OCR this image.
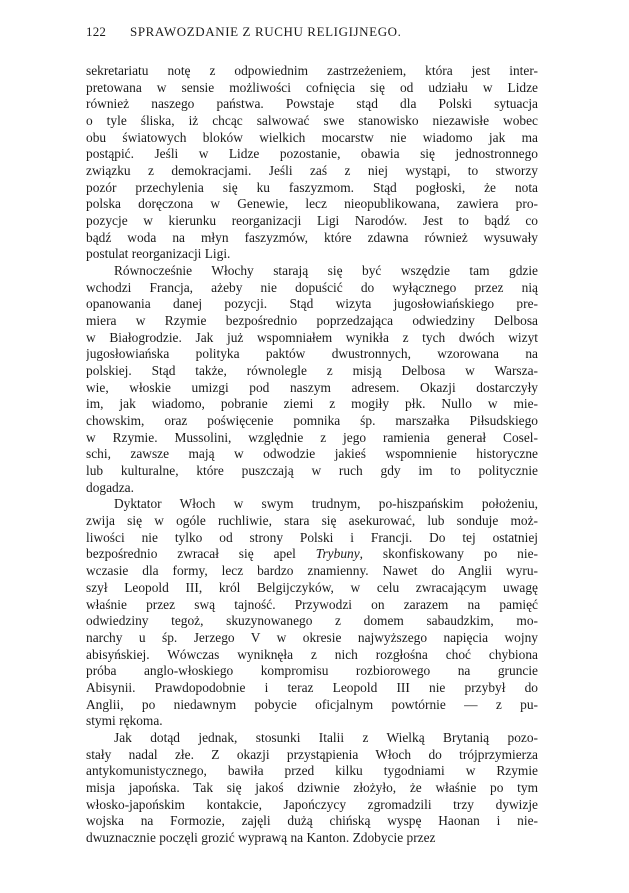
122 SPRAWOZDANIE Z RUCHU RELIGIJNEGO.
sekretariatu notę z odpowiednim zastrzeżeniem, która jest inter-
pretowana w sensie możliwości cofnięcia się od udziału w Lidze
również naszego państwa. Powstaje stąd dla Polski sytuacja
o tyle śliska, iż chcąc salwować swe stanowisko niezawisłe wobec
obu światowych bloków wielkich mocarstw nie wiadomo jak ma
postąpić. Jeśli w Lidze pozostanie, obawia się jednostronnego
związku z demokracjami. Jeśli zaś z niej wystąpi, to stworzy
pozór przechylenia się ku faszyzmom. Stąd pogłoski, że nota
polska doręczona w Genewie, lecz nieopublikowana, zawiera pro-
pozycje w kierunku reorganizacji Ligi Narodów. Jest to bądź co
bądź woda na młyn faszyzmów, które zdawna również wysuwały
postulat reorganizacji Ligi.
Równocześnie Włochy starają się być wszędzie tam gdzie
wchodzi Francja, ażeby nie dopuścić do wyłącznego przez nią
opanowania danej pozycji. Stąd wizyta jugosłowiańskiego pre-
miera w Rzymie bezpośrednio poprzedzająca odwiedziny Delbosa
w Białogrodzie. Jak już wspomniałem wynikła z tych dwóch wizyt
jugosłowiańska polityka paktów dwustronnych, wzorowana na
polskiej. Stąd także, równolegle z misją Delbosa w Warsza-
wie, włoskie umizgi pod naszym adresem. Okazji dostarczyły
im, jak wiadomo, pobranie ziemi z mogiły płk. Nullo w mie-
chowskim, oraz poświęcenie pomnika śp. marszałka Piłsudskiego
w Rzymie. Mussolini, względnie z jego ramienia generał Cosel-
schi, zawsze mają w odwodzie jakieś wspomnienie historyczne
lub kulturalne, które puszczają w ruch gdy im to politycznie
dogadza.
Dyktator Włoch w swym trudnym, po-hiszpańskim położeniu,
zwija się w ogóle ruchliwie, stara się asekurować, lub sonduje moż-
liwości nie tylko od strony Polski i Francji. Do tej ostatniej
bezpośrednio zwracał się apel Trybuny, skonfiskowany po nie-
wczasie dla formy, lecz bardzo znamienny. Nawet do Anglii wyru-
szył Leopold III, król Belgijczyków, w celu zwracającym uwagę
właśnie przez swą tajność. Przywodzi on zarazem na pamięć
odwiedziny tegoż, skuzynowanego z domem sabaudzkim, mo-
narchy u śp. Jerzego V w okresie najwyższego napięcia wojny
abisyńskiej. Wówczas wyniknęła z nich rozgłośna choć chybiona
próba anglo-włoskiego kompromisu rozbiorowego na gruncie
Abisynii. Prawdopodobnie i teraz Leopold III nie przybył do
Anglii, po niedawnym pobycie oficjalnym powtórnie — z pu-
stymi rękoma.
Jak dotąd jednak, stosunki Italii z Wielką Brytanią pozo-
stały nadal złe. Z okazji przystąpienia Włoch do trójprzymierza
antykomunistycznego, bawiła przed kilku tygodniami w Rzymie
misja japońska. Tak się jakoś dziwnie złożyło, że właśnie po tym
włosko-japońskim kontakcie, Japończycy zgromadzili trzy dywizje
wojska na Formozie, zajęli dużą chińską wyspę Haonan i nie-
dwuznacznie poczęli grozić wyprawą na Kanton. Zdobycie przez
